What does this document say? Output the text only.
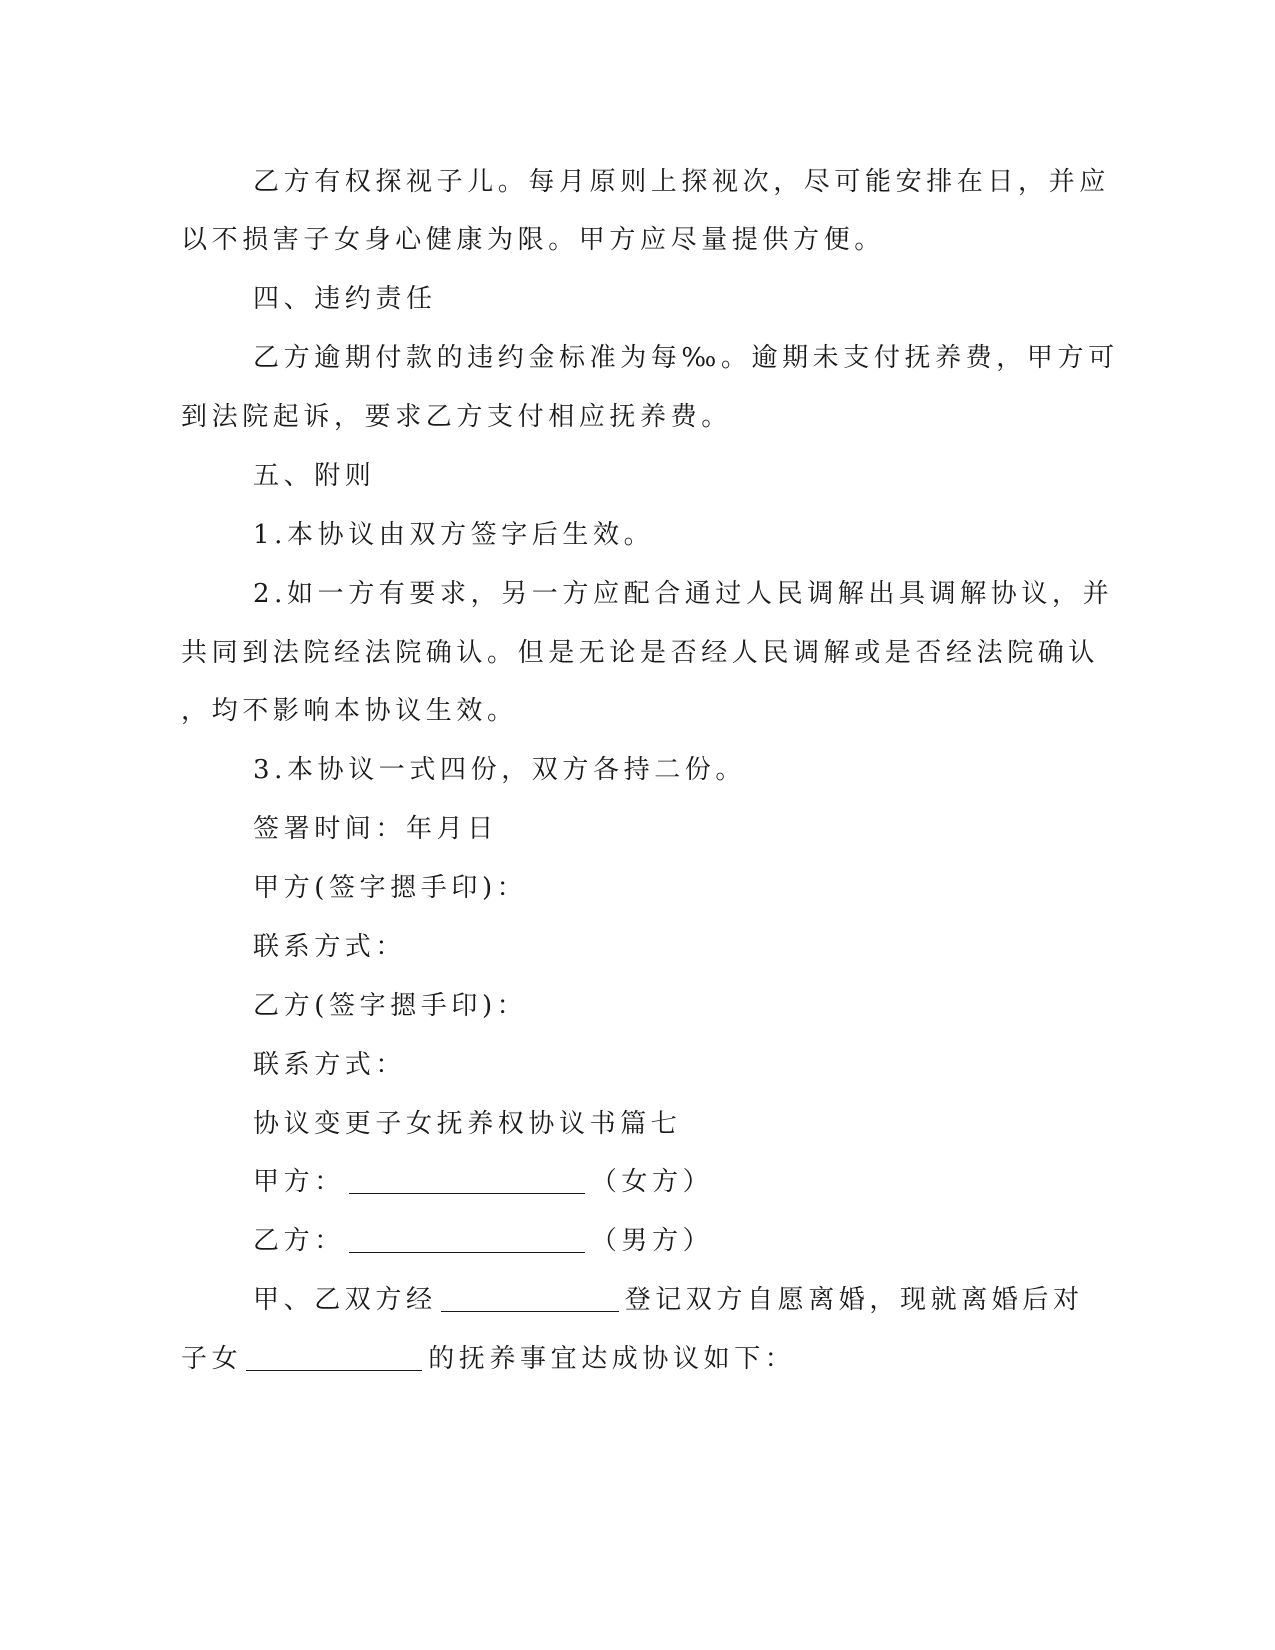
乙方有权探视子儿。每月原则上探视次，尽可能安排在日，并应
以不损害子女身心健康为限。甲方应尽量提供方便。
四、违约责任
乙方逾期付款的违约金标准为每‰。逾期未支付抚养费，甲方可
到法院起诉，要求乙方支付相应抚养费。
五、附则
1.本协议由双方签字后生效。
2.如一方有要求，另一方应配合通过人民调解出具调解协议，并
共同到法院经法院确认。但是无论是否经人民调解或是否经法院确认
，均不影响本协议生效。
3.本协议一式四份，双方各持二份。
签署时间：年月日
甲方(签字摁手印)：
联系方式：
乙方(签字摁手印)：
联系方式：
协议变更子女抚养权协议书篇七
甲方：	（女方）
乙方：	（男方）
甲、乙双方经	登记双方自愿离婚，现就离婚后对
子女	的抚养事宜达成协议如下：
